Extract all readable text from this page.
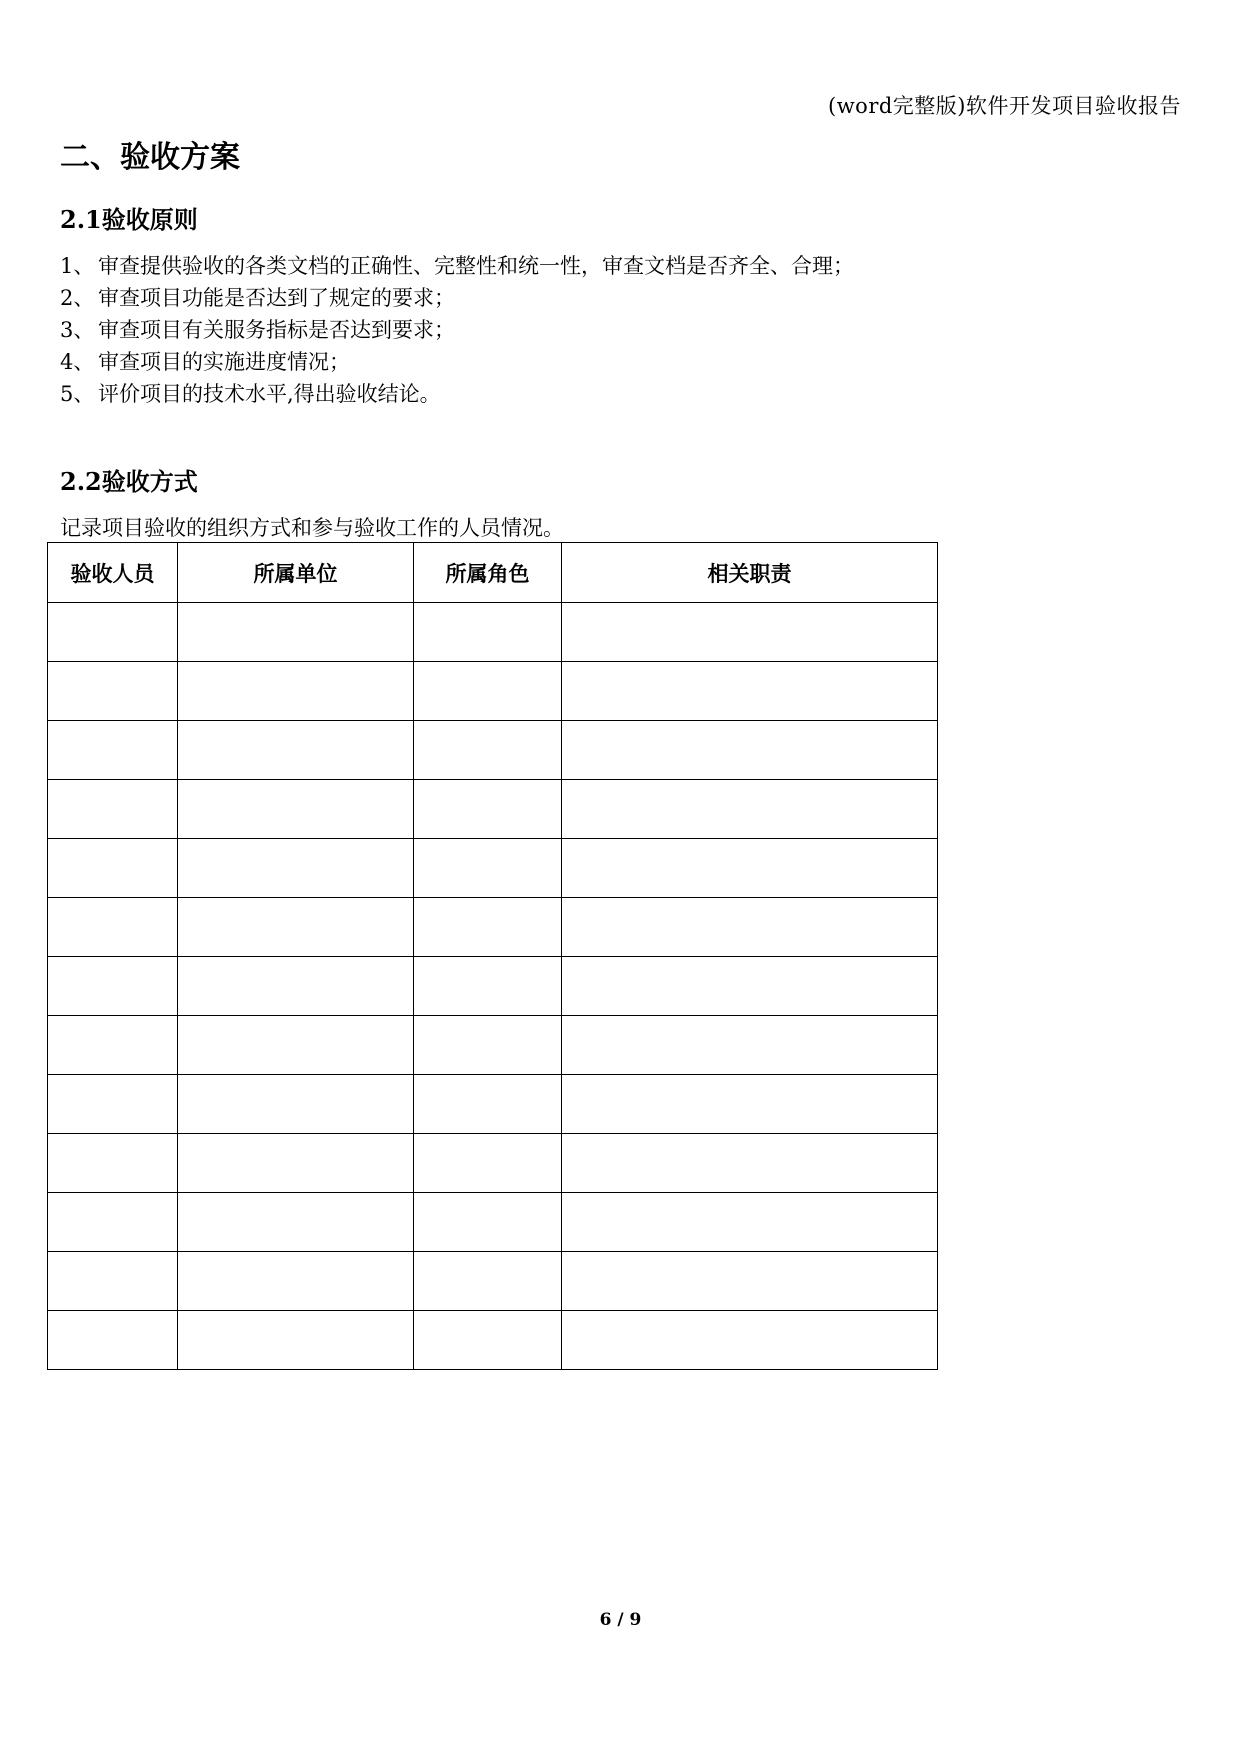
(word完整版)软件开发项目验收报告
二、验收方案
2.1验收原则
1、 审查提供验收的各类文档的正确性、完整性和统一性，审查文档是否齐全、合理；
2、 审查项目功能是否达到了规定的要求；
3、 审查项目有关服务指标是否达到要求；
4、 审查项目的实施进度情况；
5、 评价项目的技术水平,得出验收结论。
2.2验收方式

记录项目验收的组织方式和参与验收工作的人员情况。

验收人员	所属单位	所属角色	相关职责

6 / 9
